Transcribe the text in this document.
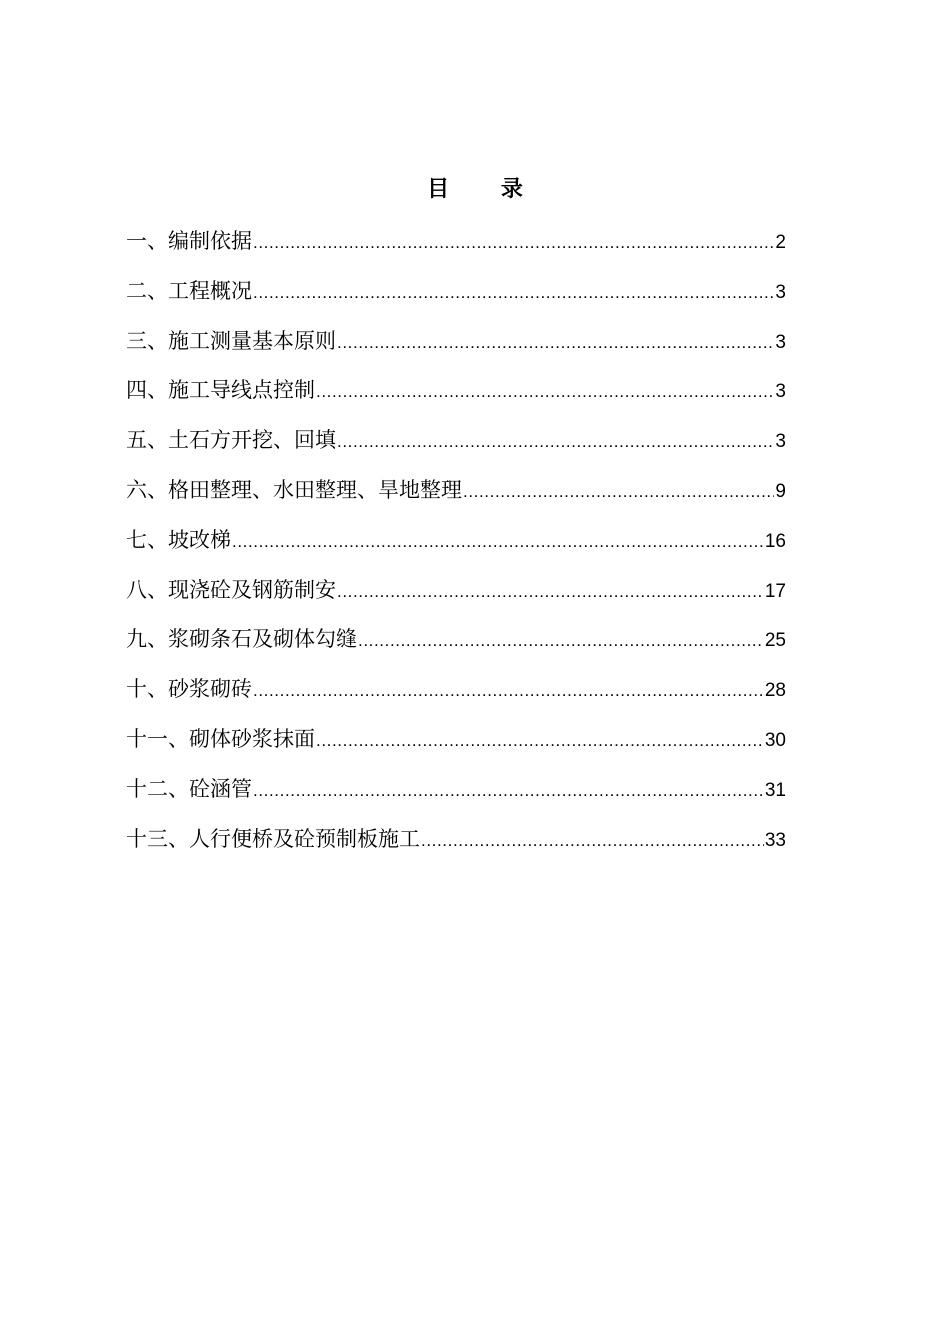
目 录
一、编制依据 .....	2
二、工程概况 .....	3
三、施工测量基本原则 .....	3
四、施工导线点控制 .....	3
五、土石方开挖、回填 .....	3
六、格田整理、水田整理、旱地整理 .....	9
七、坡改梯 .....	16
八、现浇砼及钢筋制安 .....	17
九、浆砌条石及砌体勾缝 .....	25
十、砂浆砌砖 .....	28
十一、砌体砂浆抹面 .....	30
十二、砼涵管 .....	31
十三、人行便桥及砼预制板施工 .....	33
